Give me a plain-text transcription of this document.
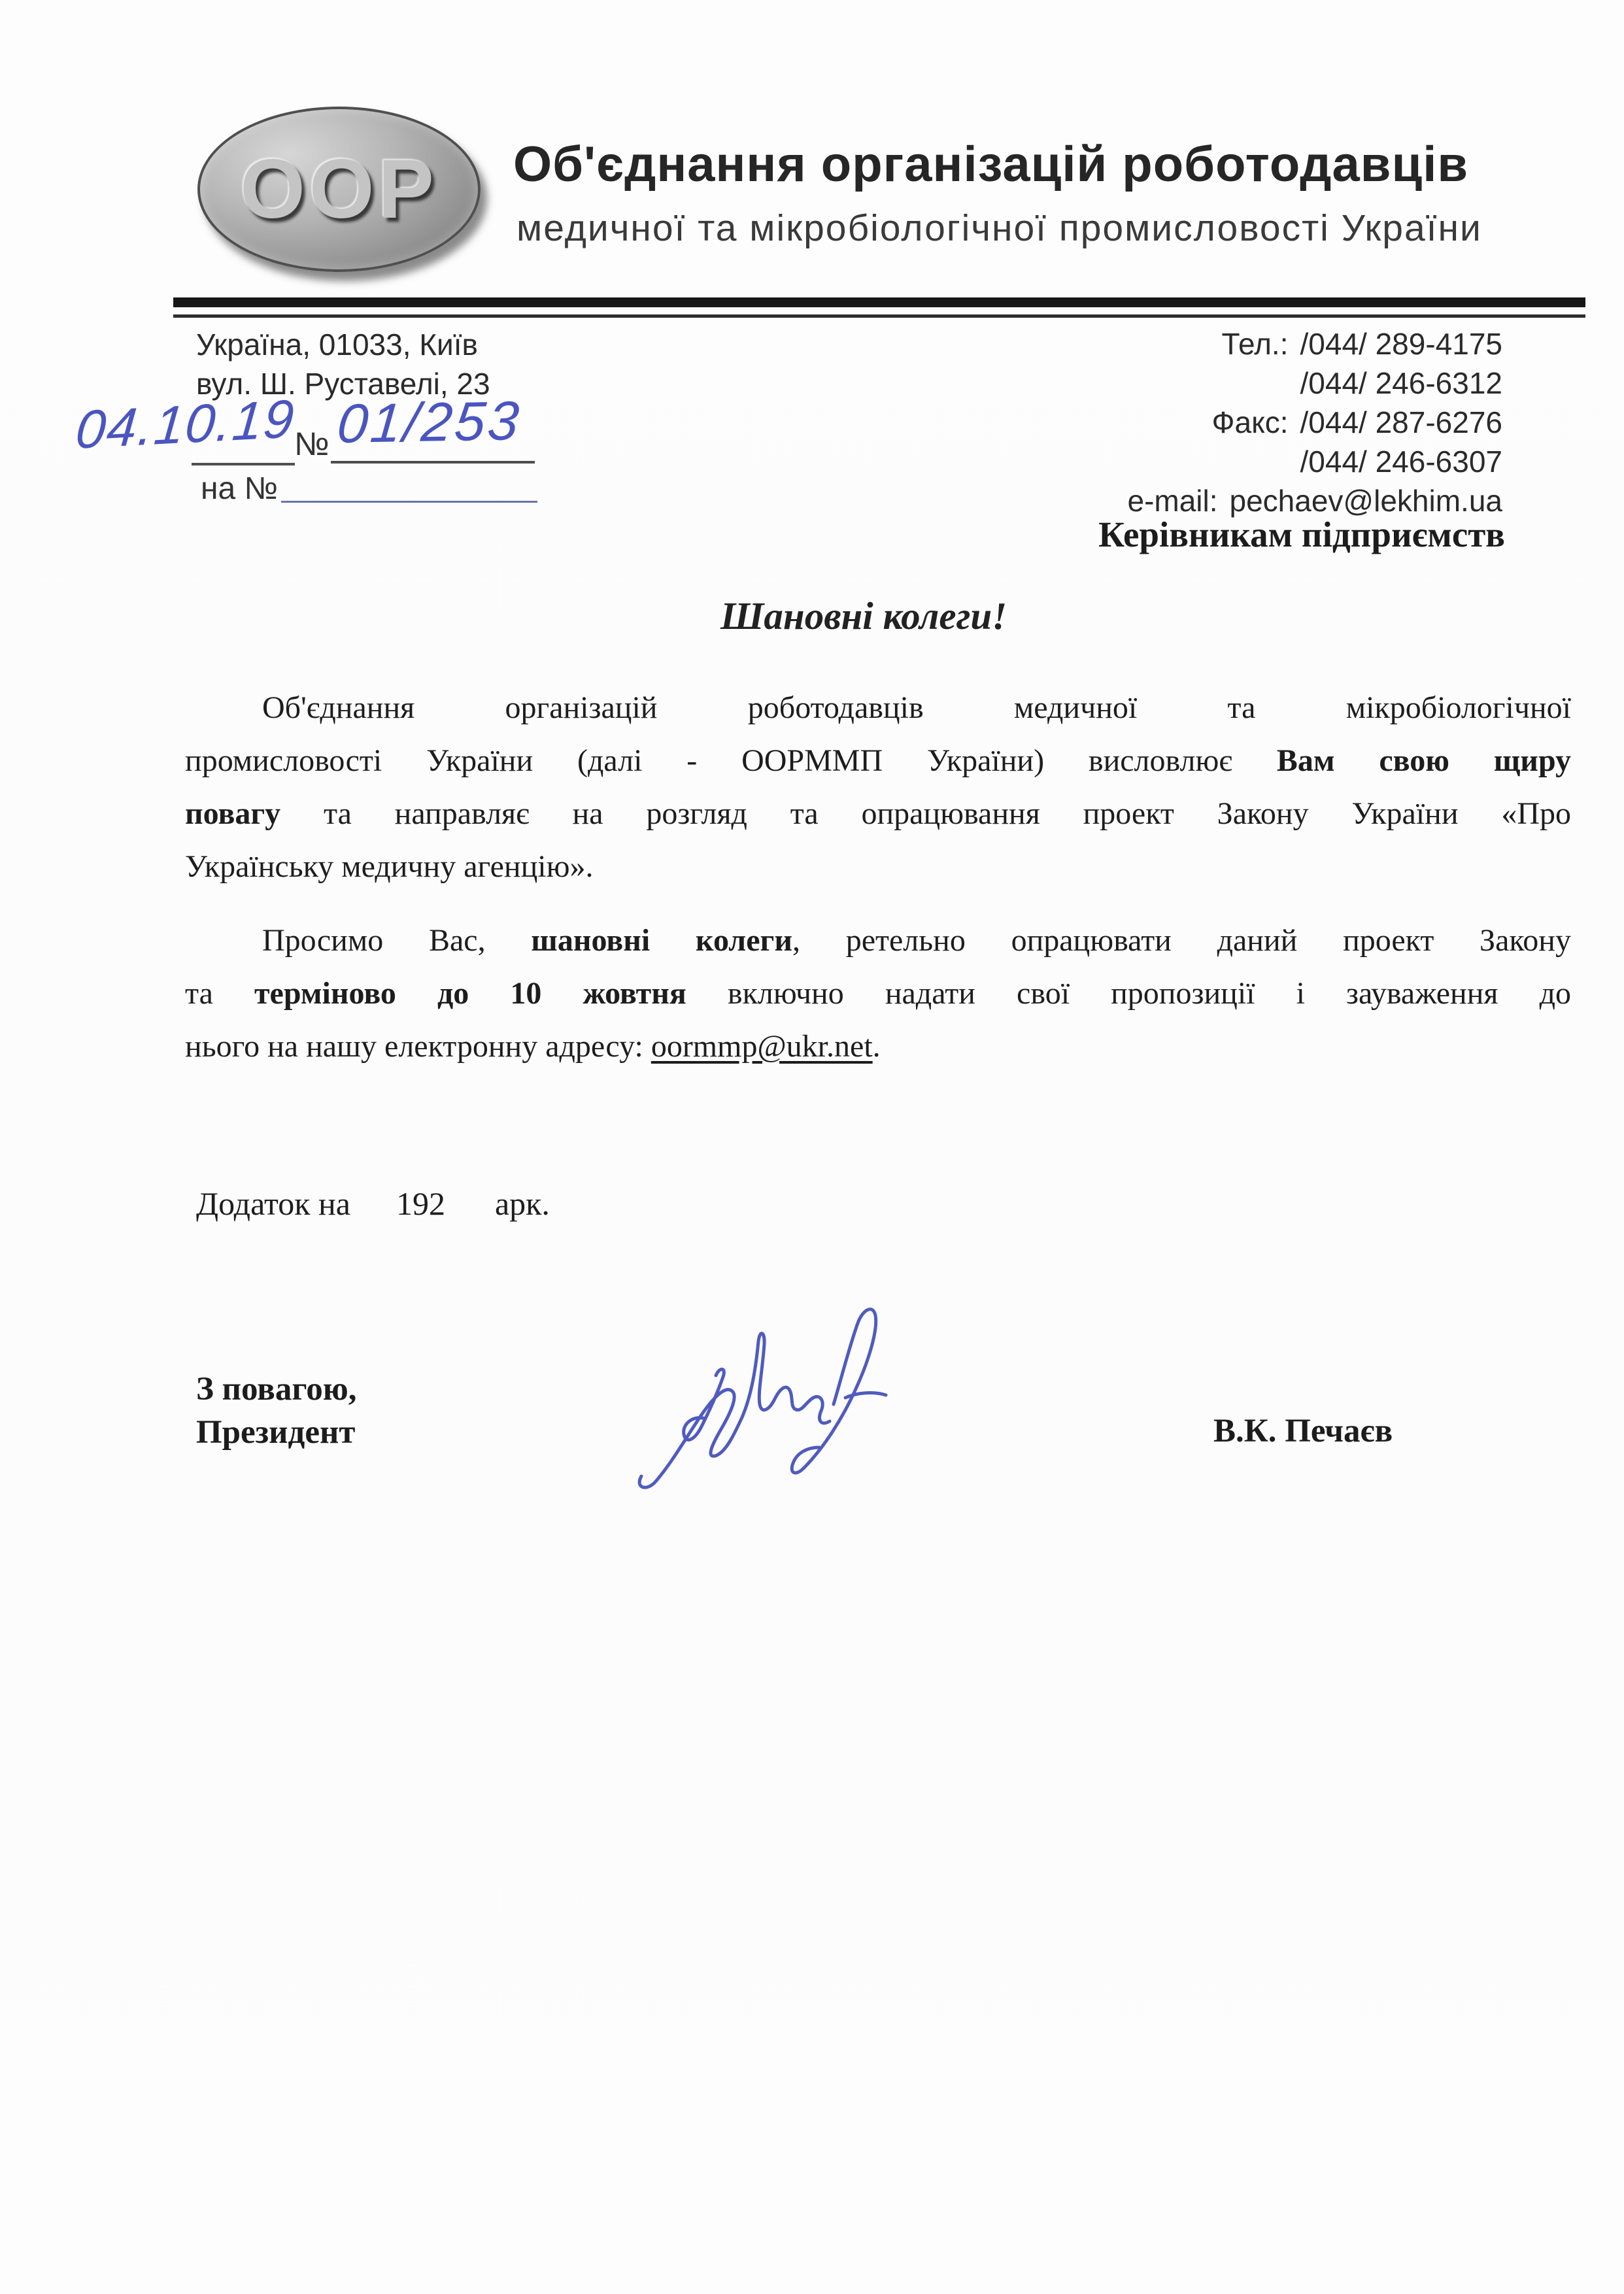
ООР Об'єднання організацій роботодавців
медичної та мікробіологічної промисловості України
Україна, 01033, Київ
вул. Ш. Руставелі, 23
Тел.: /044/ 289-4175
/044/ 246-6312
Факс: /044/ 287-6276
/044/ 246-6307
e-mail: pechaev@lekhim.ua
Керівникам підприємств
04.10.19
№ 01/253
на №
Шановні колеги!
Об'єднання організацій роботодавців медичної та мікробіологічної
промисловості України (далі - ООРММП України) висловлює Вам свою щиру
повагу та направляє на розгляд та опрацювання проект Закону України «Про
Українську медичну агенцію».
Просимо Вас, шановні колеги, ретельно опрацювати даний проект Закону
та терміново до 10 жовтня включно надати свої пропозиції і зауваження до
нього на нашу електронну адресу: oormmp@ukr.net.
Додаток на 192 арк.
З повагою,
Президент	В.К. Печаєв
